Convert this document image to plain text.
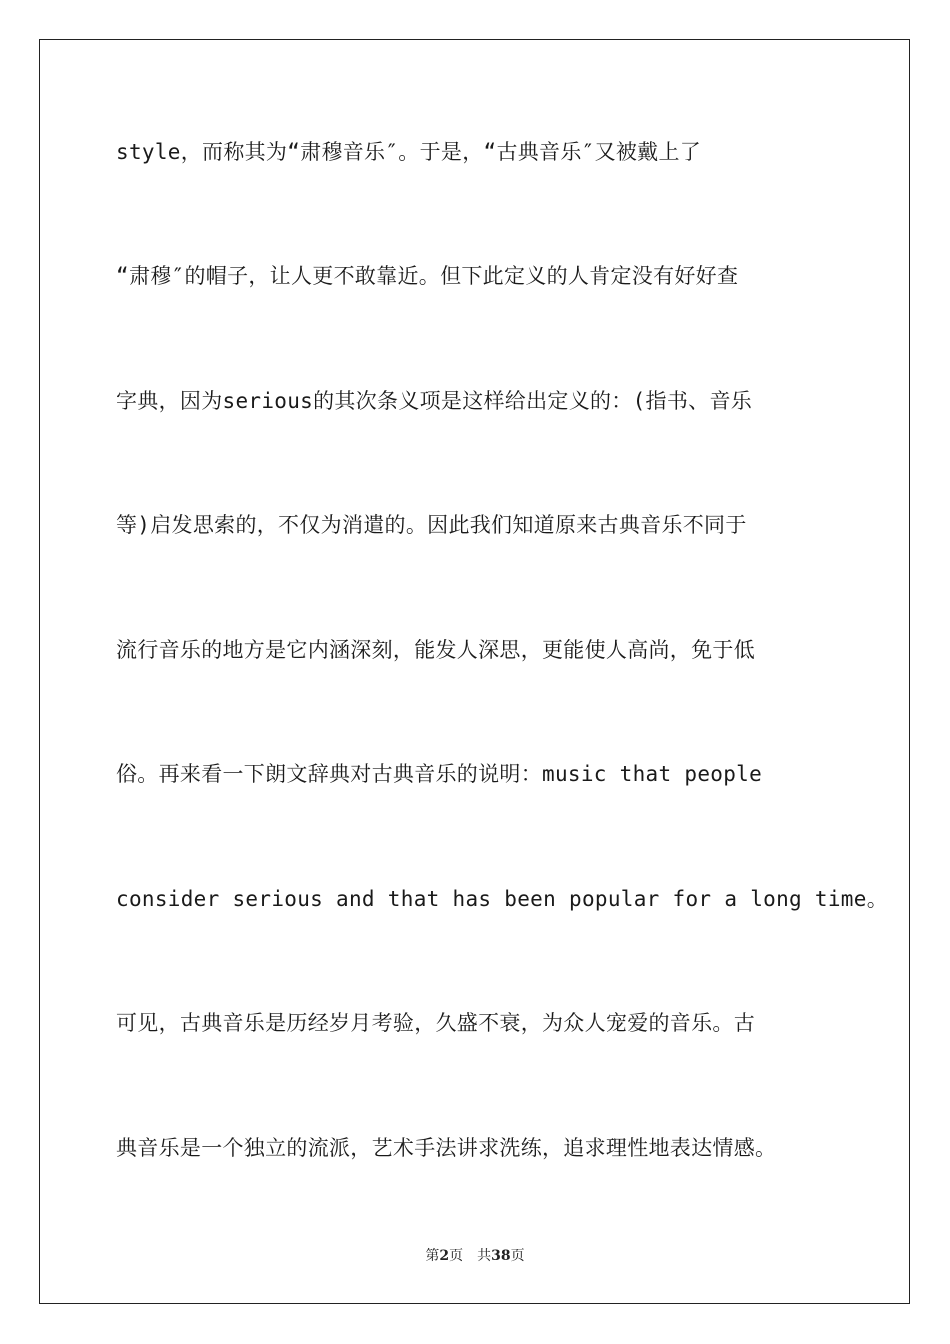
style，而称其为“肃穆音乐″。于是，“古典音乐″又被戴上了
“肃穆″的帽子，让人更不敢靠近。但下此定义的人肯定没有好好查
字典，因为serious的其次条义项是这样给出定义的：(指书、音乐
等)启发思索的，不仅为消遣的。因此我们知道原来古典音乐不同于
流行音乐的地方是它内涵深刻，能发人深思，更能使人高尚，免于低
俗。再来看一下朗文辞典对古典音乐的说明：music that people
consider serious and that has been popular for a long time。
可见，古典音乐是历经岁月考验，久盛不衰，为众人宠爱的音乐。古
典音乐是一个独立的流派，艺术手法讲求洗练，追求理性地表达情感。
第2页 共38页
